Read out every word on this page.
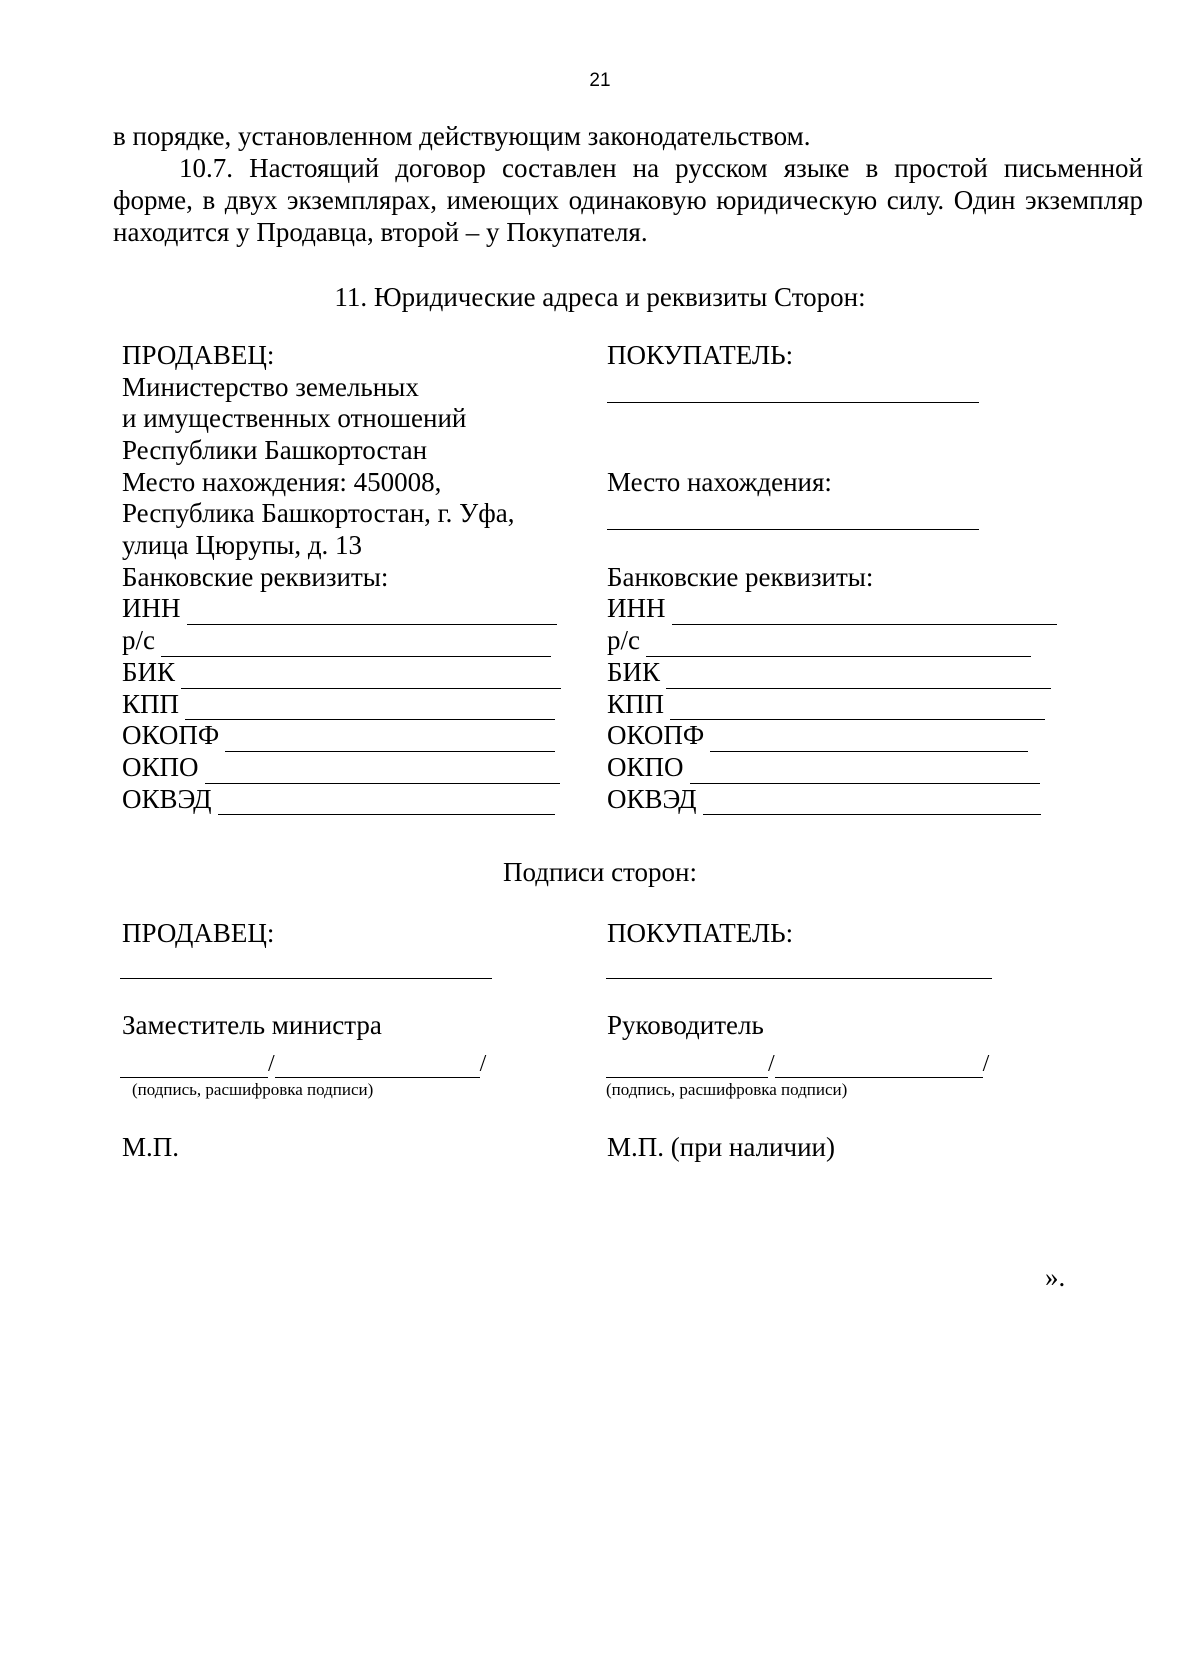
21
в порядке, установленном действующим законодательством.
10.7. Настоящий договор составлен на русском языке в простой письменной форме, в двух экземплярах, имеющих одинаковую юридическую силу. Один экземпляр находится у Продавца, второй – у Покупателя.
11. Юридические адреса и реквизиты Сторон:
ПРОДАВЕЦ:
Министерство земельных
и имущественных отношений
Республики Башкортостан
Место нахождения: 450008,
Республика Башкортостан, г. Уфа,
улица Цюрупы, д. 13
Банковские реквизиты:
ИНН
р/с
БИК
КПП
ОКОПФ
ОКПО
ОКВЭД
ПОКУПАТЕЛЬ:
Место нахождения:
Банковские реквизиты:
ИНН
р/с
БИК
КПП
ОКОПФ
ОКПО
ОКВЭД
Подписи сторон:
ПРОДАВЕЦ:
Заместитель министра
/	/
(подпись, расшифровка подписи)
М.П.
ПОКУПАТЕЛЬ:
Руководитель
/	/
(подпись, расшифровка подписи)
М.П. (при наличии)
».
